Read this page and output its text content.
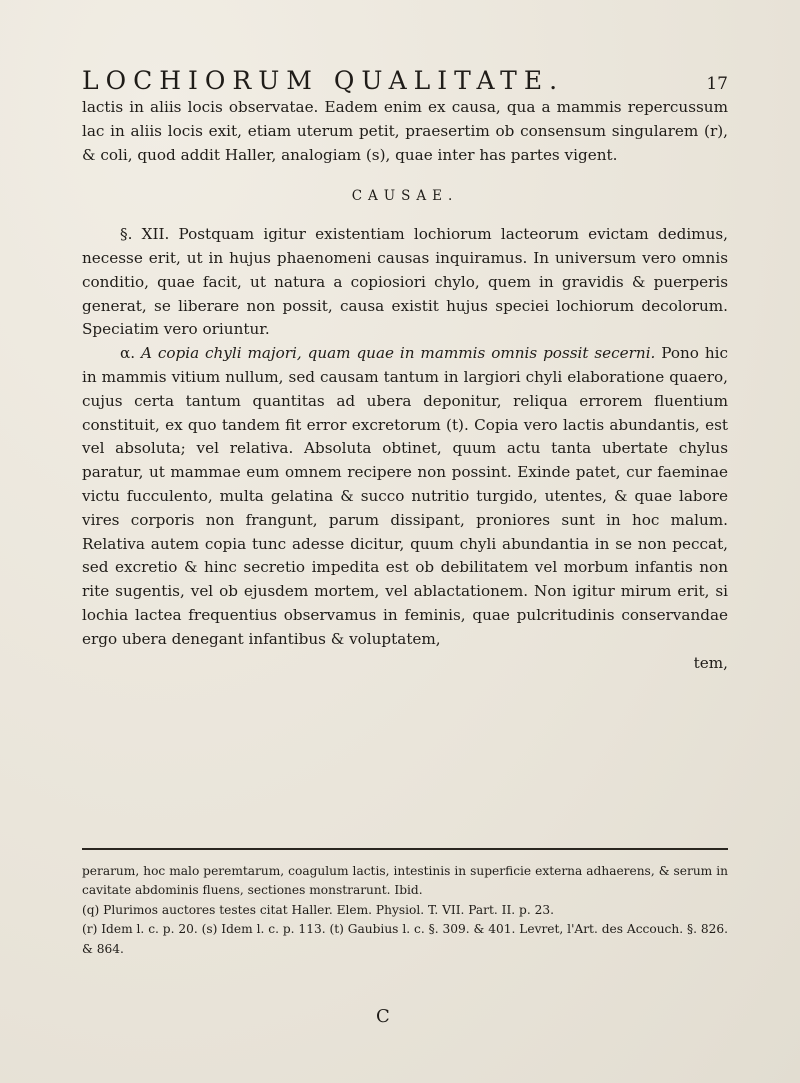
LOCHIORUM QUALITATE.	17

lactis in aliis locis observatae. Eadem enim ex causa, qua a mammis repercussum lac in aliis locis exit, etiam uterum petit, praesertim ob consensum singularem (r), & coli, quod addit Haller, analogiam (s), quae inter has partes vigent.

CAUSAE.

§. XII. Postquam igitur existentiam lochiorum lacteorum evictam dedimus, necesse erit, ut in hujus phaenomeni causas inquiramus. In universum vero omnis conditio, quae facit, ut natura a copiosiori chylo, quem in gravidis & puerperis generat, se liberare non possit, causa existit hujus speciei lochiorum decolorum. Speciatim vero oriuntur.

α. A copia chyli majori, quam quae in mammis omnis possit secerni. Pono hic in mammis vitium nullum, sed causam tantum in largiori chyli elaboratione quaero, cujus certa tantum quantitas ad ubera deponitur, reliqua errorem fluentium constituit, ex quo tandem fit error excretorum (t). Copia vero lactis abundantis, est vel absoluta; vel relativa. Absoluta obtinet, quum actu tanta ubertate chylus paratur, ut mammae eum omnem recipere non possint. Exinde patet, cur faeminae victu fucculento, multa gelatina & succo nutritio turgido, utentes, & quae labore vires corporis non frangunt, parum dissipant, proniores sunt in hoc malum. Relativa autem copia tunc adesse dicitur, quum chyli abundantia in se non peccat, sed excretio & hinc secretio impedita est ob debilitatem vel morbum infantis non rite sugentis, vel ob ejusdem mortem, vel ablactationem. Non igitur mirum erit, si lochia lactea frequentius observamus in feminis, quae pulcritudinis conservandae ergo ubera denegant infantibus & voluptatem,

tem,

perarum, hoc malo peremtarum, coagulum lactis, intestinis in superficie externa adhaerens, & serum in cavitate abdominis fluens, sectiones monstrarunt. Ibid.

(q) Plurimos auctores testes citat Haller. Elem. Physiol. T. VII. Part. II. p. 23.

(r) Idem l. c. p. 20. (s) Idem l. c. p. 113. (t) Gaubius l. c. §. 309. & 401. Levret, l'Art. des Accouch. §. 826. & 864.

C
